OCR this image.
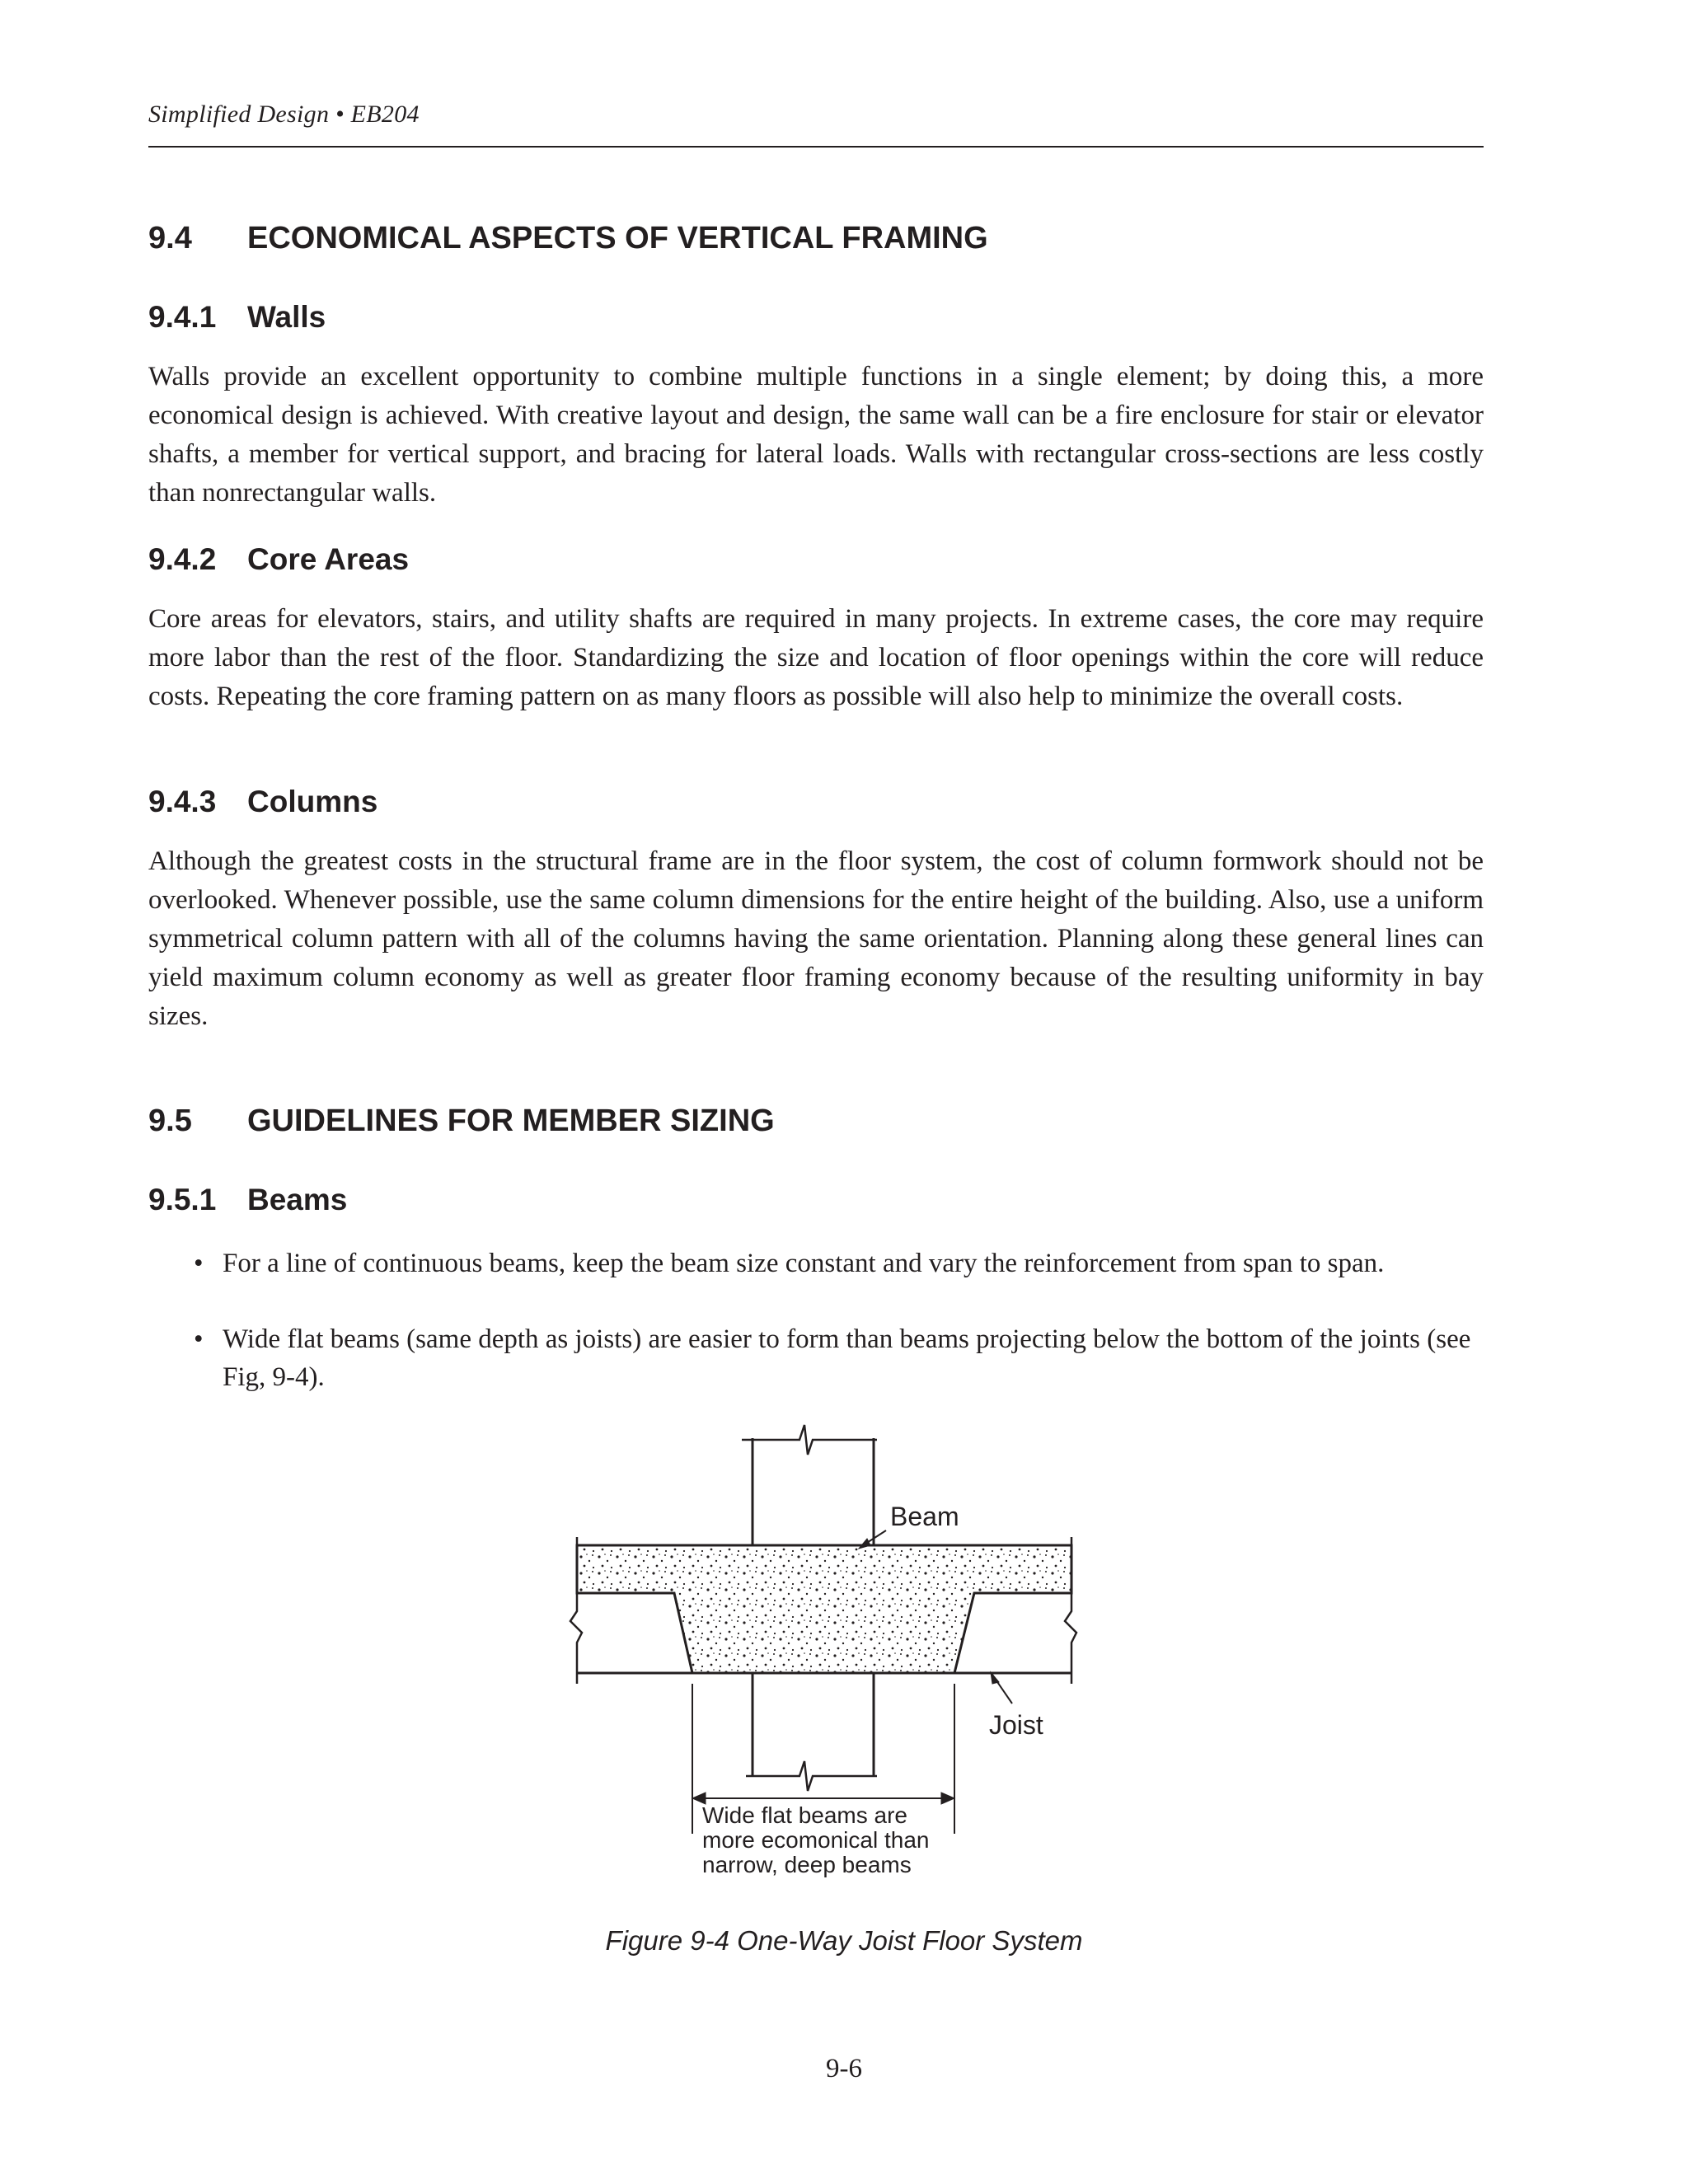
Simplified Design • EB204
9.4 ECONOMICAL ASPECTS OF VERTICAL FRAMING
9.4.1 Walls

Walls provide an excellent opportunity to combine multiple functions in a single element; by doing this, a more economical design is achieved. With creative layout and design, the same wall can be a fire enclosure for stair or elevator shafts, a member for vertical support, and bracing for lateral loads. Walls with rectangular cross-sections are less costly than nonrectangular walls.

9.4.2 Core Areas

Core areas for elevators, stairs, and utility shafts are required in many projects. In extreme cases, the core may require more labor than the rest of the floor. Standardizing the size and location of floor openings within the core will reduce costs. Repeating the core framing pattern on as many floors as possible will also help to minimize the overall costs.

9.4.3 Columns

Although the greatest costs in the structural frame are in the floor system, the cost of column formwork should not be overlooked. Whenever possible, use the same column dimensions for the entire height of the building. Also, use a uniform symmetrical column pattern with all of the columns having the same orientation. Planning along these general lines can yield maximum column economy as well as greater floor framing economy because of the resulting uniformity in bay sizes.

9.5 GUIDELINES FOR MEMBER SIZING
9.5.1 Beams
• For a line of continuous beams, keep the beam size constant and vary the reinforcement from span to span.
• Wide flat beams (same depth as joists) are easier to form than beams projecting below the bottom of the joints (see Fig, 9-4).
Beam
Joist
Wide flat beams are
more ecomonical than
narrow, deep beams
Figure 9-4 One-Way Joist Floor System
9-6
